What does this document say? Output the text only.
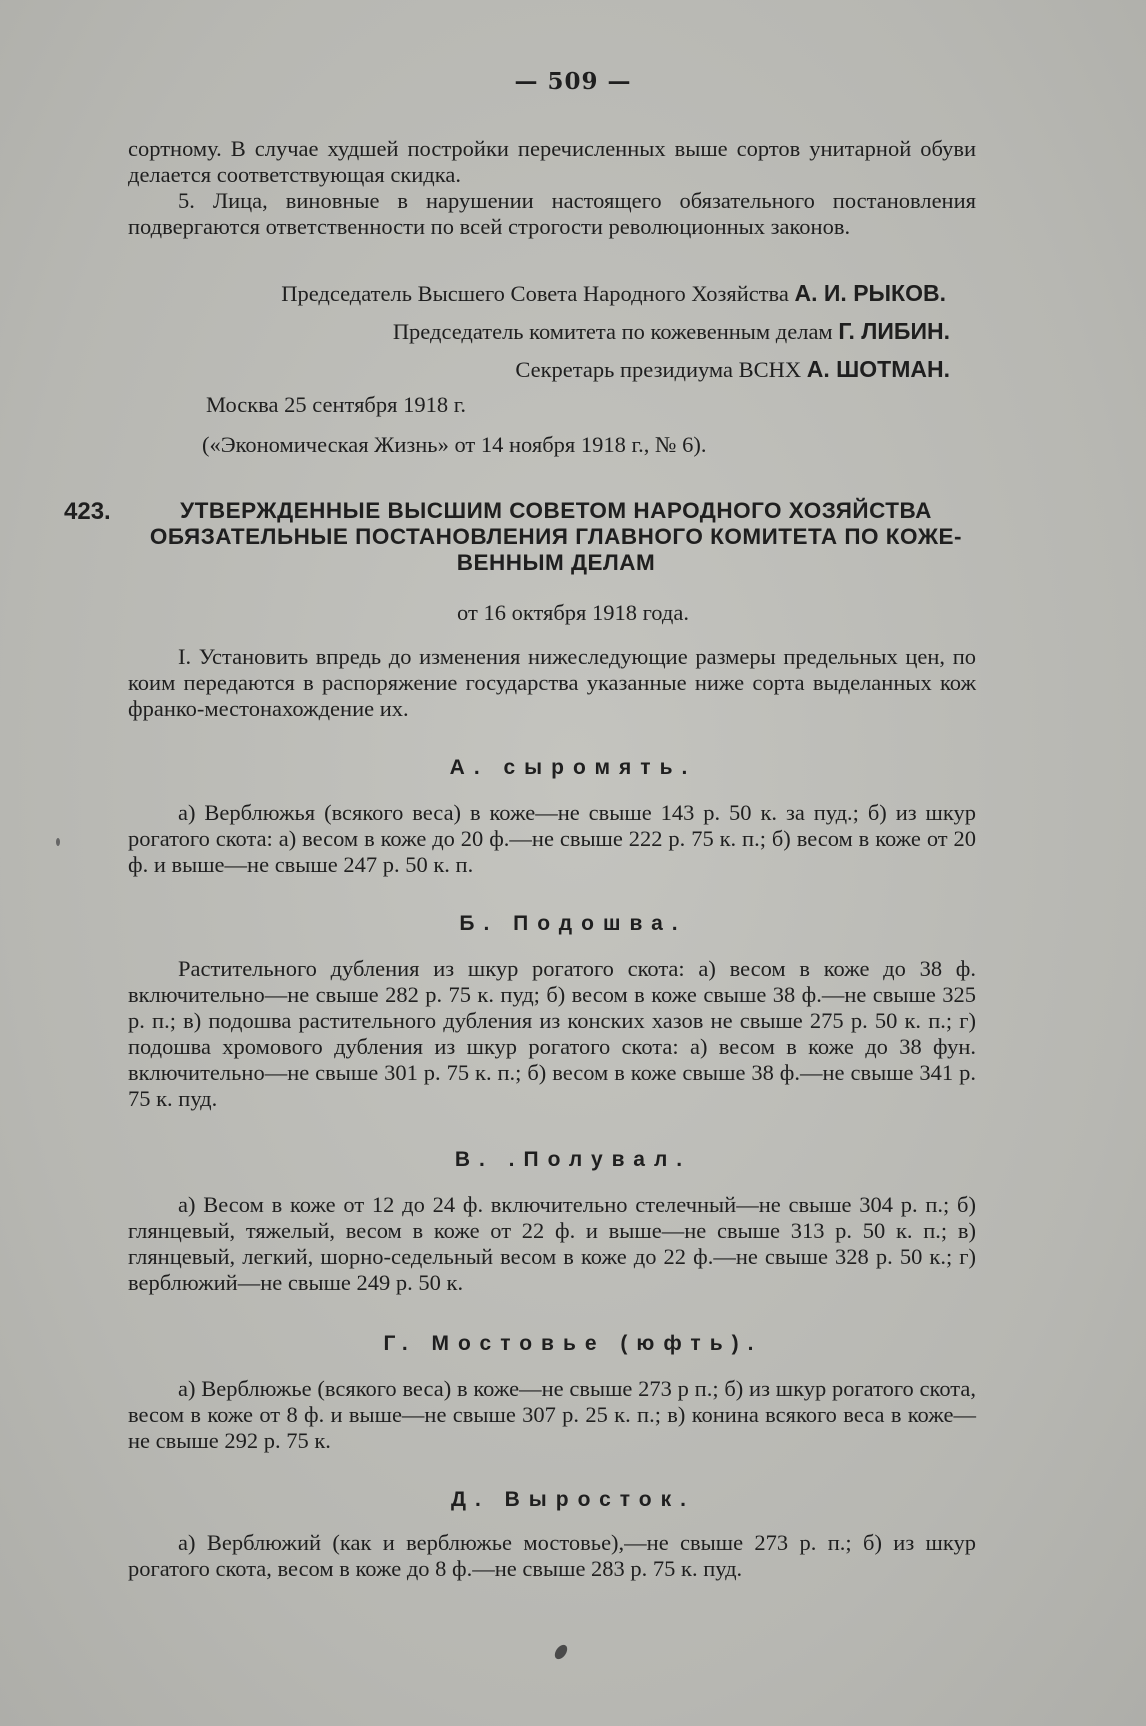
— 509 —
сортному. В случае худшей постройки перечисленных выше сортов унитарной обуви делается соответствующая скидка.
5. Лица, виновные в нарушении настоящего обязательного постановления подвергаются ответственности по всей строгости революционных законов.
Председатель Высшего Совета Народного Хозяйства А. И. РЫКОВ.
Председатель комитета по кожевенным делам Г. ЛИБИН.
Секретарь президиума ВСНХ А. ШОТМАН.
Москва 25 сентября 1918 г.
(«Экономическая Жизнь» от 14 ноября 1918 г., № 6).
423.	УТВЕРЖДЕННЫЕ ВЫСШИМ СОВЕТОМ НАРОДНОГО ХОЗЯЙСТВА
ОБЯЗАТЕЛЬНЫЕ ПОСТАНОВЛЕНИЯ ГЛАВНОГО КОМИТЕТА ПО КОЖЕ-
ВЕННЫМ ДЕЛАМ
от 16 октября 1918 года.
I. Установить впредь до изменения нижеследующие размеры предельных цен, по коим передаются в распоряжение государства указанные ниже сорта выделанных кож франко-местонахождение их.
А. сыромять.
а) Верблюжья (всякого веса) в коже—не свыше 143 р. 50 к. за пуд.; б) из шкур рогатого скота: а) весом в коже до 20 ф.—не свыше 222 р. 75 к. п.; б) весом в коже от 20 ф. и выше—не свыше 247 р. 50 к. п.
Б. Подошва.
Растительного дубления из шкур рогатого скота: а) весом в коже до 38 ф. включительно—не свыше 282 р. 75 к. пуд; б) весом в коже свыше 38 ф.—не свыше 325 р. п.; в) подошва растительного дубления из конских хазов не свыше 275 р. 50 к. п.; г) подошва хромового дубления из шкур рогатого скота: а) весом в коже до 38 фун. включительно—не свыше 301 р. 75 к. п.; б) весом в коже свыше 38 ф.—не свыше 341 р. 75 к. пуд.
В. .Полувал.
а) Весом в коже от 12 до 24 ф. включительно стелечный—не свыше 304 р. п.; б) глянцевый, тяжелый, весом в коже от 22 ф. и выше—не свыше 313 р. 50 к. п.; в) глянцевый, легкий, шорно-седельный весом в коже до 22 ф.—не свыше 328 р. 50 к.; г) верблюжий—не свыше 249 р. 50 к.
Г. Мостовье (юфть).
а) Верблюжье (всякого веса) в коже—не свыше 273 р п.; б) из шкур рогатого скота, весом в коже от 8 ф. и выше—не свыше 307 р. 25 к. п.; в) конина всякого веса в коже—не свыше 292 р. 75 к.
Д. Выросток.
а) Верблюжий (как и верблюжье мостовье),—не свыше 273 р. п.; б) из шкур рогатого скота, весом в коже до 8 ф.—не свыше 283 р. 75 к. пуд.
